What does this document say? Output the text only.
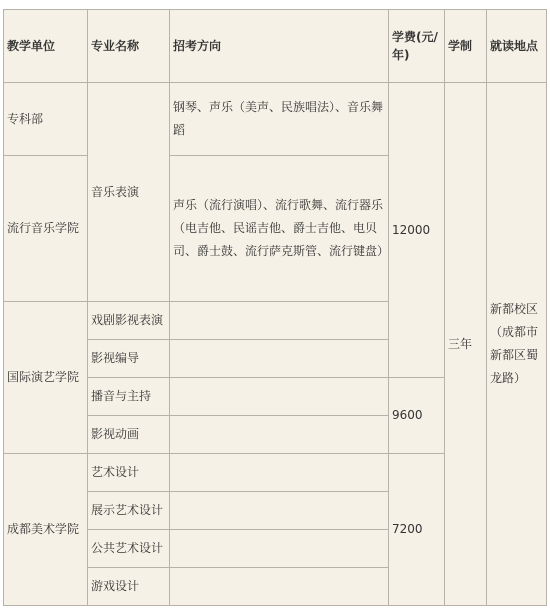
教学单位	专业名称	招考方向	学费(元/年)	学制	就读地点
专科部	音乐表演	钢琴、声乐（美声、民族唱法）、音乐舞蹈	12000	三年	新都校区（成都市新都区蜀龙路）
流行音乐学院		声乐（流行演唱）、流行歌舞、流行器乐（电吉他、民谣吉他、爵士吉他、电贝司、爵士鼓、流行萨克斯管、流行键盘）			
国际演艺学院	戏剧影视表演				
	影视编导				
	播音与主持		9600		
	影视动画				
成都美术学院	艺术设计		7200		
	展示艺术设计				
	公共艺术设计				
	游戏设计				
